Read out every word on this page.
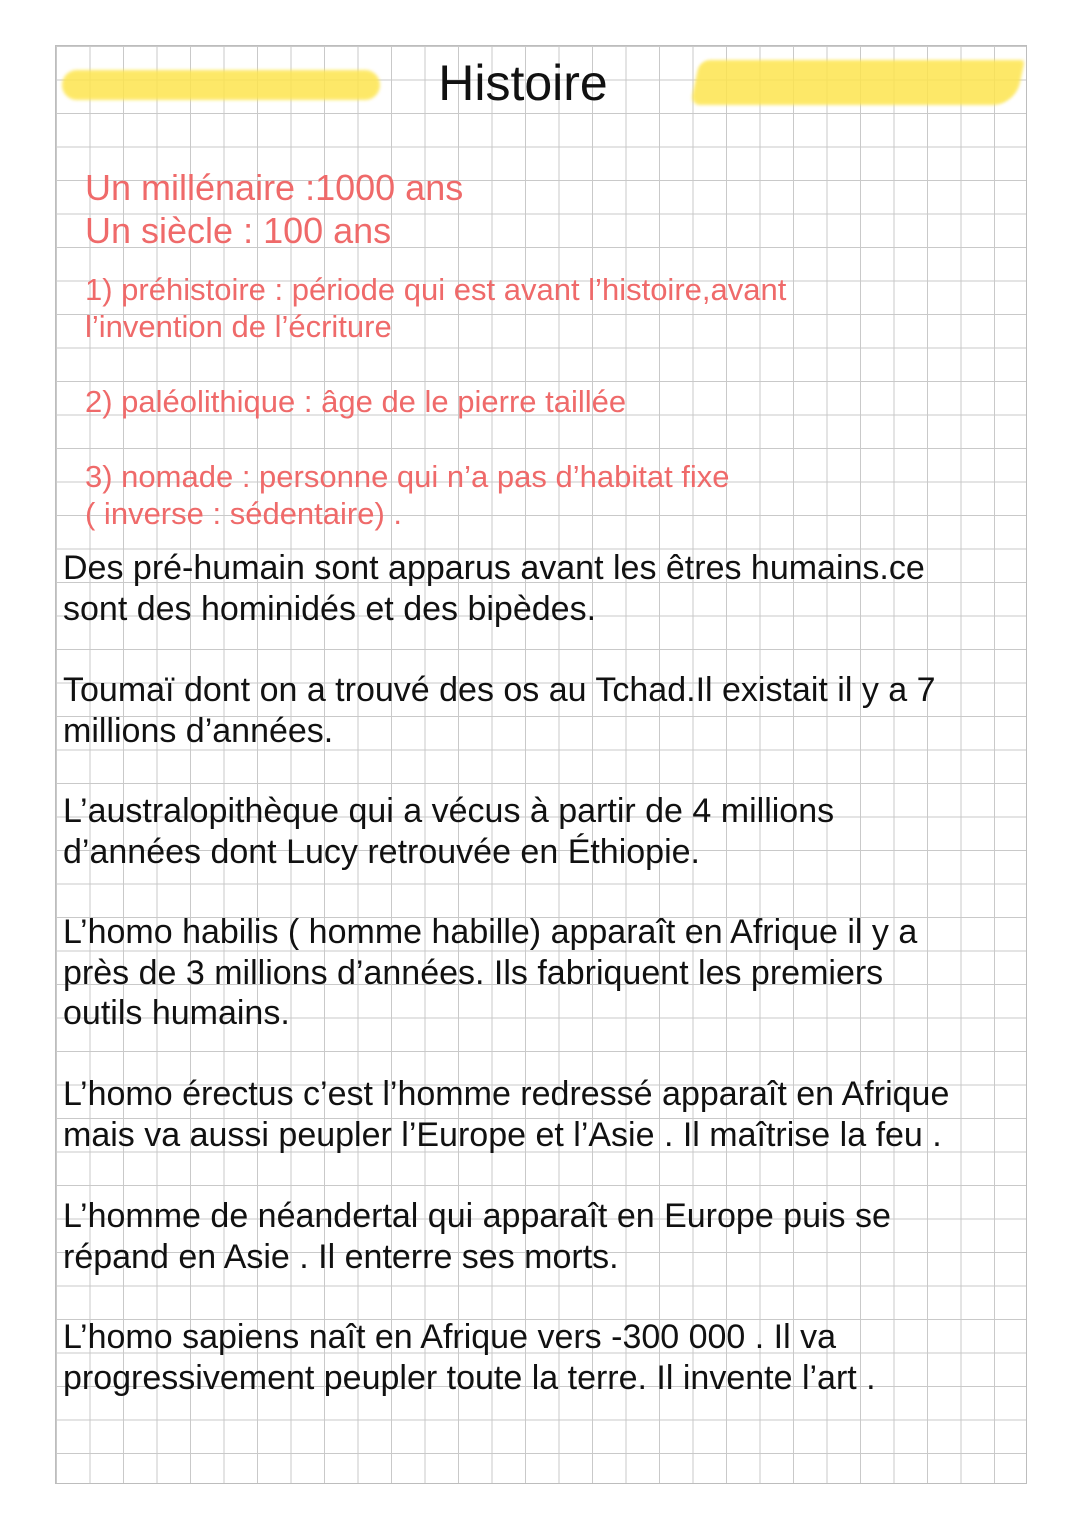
Histoire

Un millénaire :1000 ans

Un siècle : 100 ans

1) préhistoire : période qui est avant l’histoire,avant

l’invention de l’écriture

2) paléolithique : âge de le pierre taillée

3) nomade : personne qui n’a pas d’habitat fixe

( inverse : sédentaire) .

Des pré-humain sont apparus avant les êtres humains.ce
sont des hominidés et des bipèdes.

Toumaï dont on a trouvé des os au Tchad.Il existait il y a 7
millions d’années.

L’australopithèque qui a vécus à partir de 4 millions
d’années dont Lucy retrouvée en Éthiopie.

L’homo habilis ( homme habille) apparaît en Afrique il y a
près de 3 millions d’années. Ils fabriquent les premiers
outils humains.

L’homo érectus c’est l’homme redressé apparaît en Afrique
mais va aussi peupler l’Europe et l’Asie . Il maîtrise la feu .

L’homme de néandertal qui apparaît en Europe puis se
répand en Asie . Il enterre ses morts.

L’homo sapiens naît en Afrique vers -300 000 . Il va
progressivement peupler toute la terre. Il invente l’art .
